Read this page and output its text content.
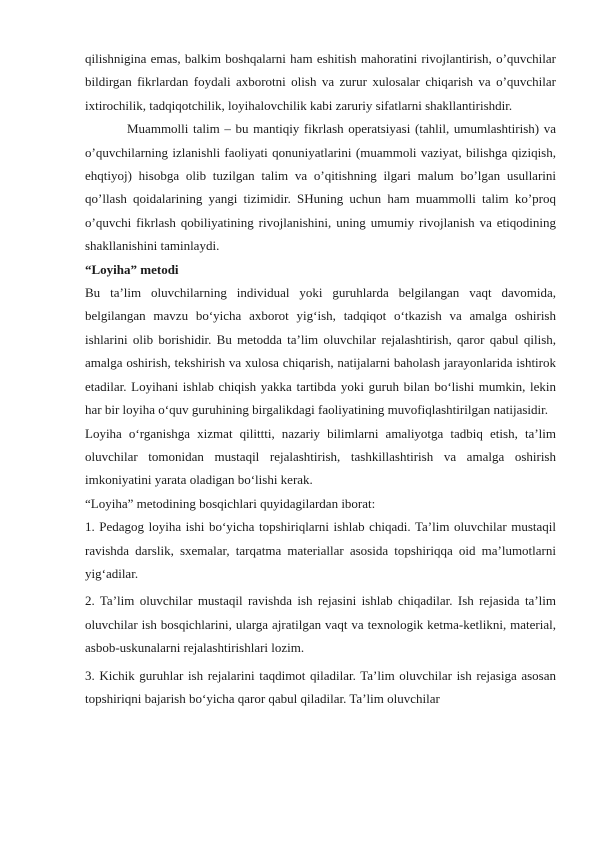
qilishnigina emas, balkim boshqalarni ham eshitish mahoratini rivojlantirish, o’quvchilar bildirgan fikrlardan foydali axborotni olish va zurur xulosalar chiqarish va o’quvchilar ixtirochilik, tadqiqotchilik, loyihalovchilik kabi zaruriy sifatlarni shakllantirishdir.

Muammolli talim – bu mantiqiy fikrlash operatsiyasi (tahlil, umumlashtirish) va o’quvchilarning izlanishli faoliyati qonuniyatlarini (muammoli vaziyat, bilishga qiziqish, ehqtiyoj) hisobga olib tuzilgan talim va o’qitishning ilgari malum bo’lgan usullarini qo’llash qoidalarining yangi tizimidir. SHuning uchun ham muammolli talim ko’proq o’quvchi fikrlash qobiliyatining rivojlanishini, uning umumiy rivojlanish va etiqodining shakllanishini taminlaydi.

“Loyiha” metodi

Bu ta’lim oluvchilarning individual yoki guruhlarda belgilangan vaqt davomida, belgilangan mavzu bo‘yicha axborot yig‘ish, tadqiqot o‘tkazish va amalga oshirish ishlarini olib borishidir. Bu metodda ta’lim oluvchilar rejalashtirish, qaror qabul qilish, amalga oshirish, tekshirish va xulosa chiqarish, natijalarni baholash jarayonlarida ishtirok etadilar. Loyihani ishlab chiqish yakka tartibda yoki guruh bilan bo‘lishi mumkin, lekin har bir loyiha o‘quv guruhining birgalikdagi faoliyatining muvofiqlashtirilgan natijasidir.

Loyiha o‘rganishga xizmat qilittti, nazariy bilimlarni amaliyotga tadbiq etish, ta’lim oluvchilar tomonidan mustaqil rejalashtirish, tashkillashtirish va amalga oshirish imkoniyatini yarata oladigan bo‘lishi kerak.

“Loyiha” metodining bosqichlari quyidagilardan iborat:

1. Pedagog loyiha ishi bo‘yicha topshiriqlarni ishlab chiqadi. Ta’lim oluvchilar mustaqil ravishda darslik, sxemalar, tarqatma materiallar asosida topshiriqqa oid ma’lumotlarni yig‘adilar.

2. Ta’lim oluvchilar mustaqil ravishda ish rejasini ishlab chiqadilar. Ish rejasida ta’lim oluvchilar ish bosqichlarini, ularga ajratilgan vaqt va texnologik ketma-ketlikni, material, asbob-uskunalarni rejalashtirishlari lozim.

3. Kichik guruhlar ish rejalarini taqdimot qiladilar. Ta’lim oluvchilar ish rejasiga asosan topshiriqni bajarish bo‘yicha qaror qabul qiladilar. Ta’lim oluvchilar
